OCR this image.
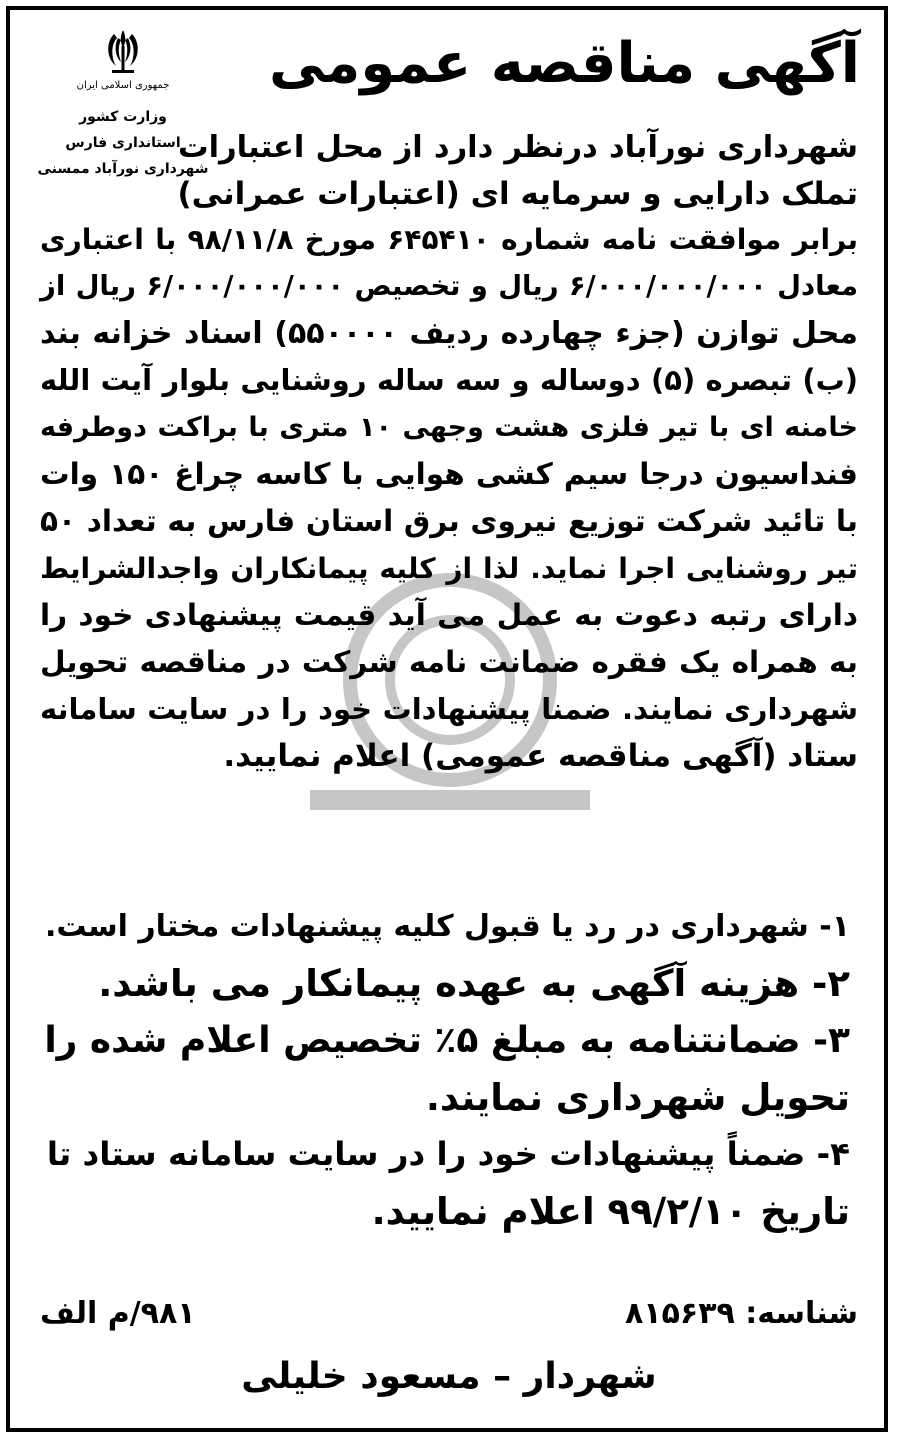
جمهوری اسلامی ایران
وزارت کشور
استانداری فارس
شهرداری نورآباد ممسنی
آگهی مناقصه عمومی
شهرداری نورآباد درنظر دارد از محل اعتبارات
تملک دارایی و سرمایه ای (اعتبارات عمرانی)
برابر موافقت نامه شماره ۶۴۵۴۱۰ مورخ ۹۸/۱۱/۸ با اعتباری
معادل ۶/۰۰۰/۰۰۰/۰۰۰ ریال و تخصیص ۶/۰۰۰/۰۰۰/۰۰۰ ریال از
محل توازن (جزء چهارده ردیف ۵۵۰۰۰۰) اسناد خزانه بند
(ب) تبصره (۵) دوساله و سه ساله روشنایی بلوار آیت الله
خامنه ای با تیر فلزی هشت وجهی ۱۰ متری با براکت دوطرفه
فنداسیون درجا سیم کشی هوایی با کاسه چراغ ۱۵۰ وات
با تائید شرکت توزیع نیروی برق استان فارس به تعداد ۵۰
تیر روشنایی اجرا نماید. لذا از کلیه پیمانکاران واجدالشرایط
دارای رتبه دعوت به عمل می آید قیمت پیشنهادی خود را
به همراه یک فقره ضمانت نامه شرکت در مناقصه تحویل
شهرداری نمایند. ضمنا پیشنهادات خود را در سایت سامانه
ستاد (آگهی مناقصه عمومی) اعلام نمایید.
۱- شهرداری در رد یا قبول کلیه پیشنهادات مختار است.
۲- هزینه آگهی به عهده پیمانکار می باشد.
۳- ضمانتنامه به مبلغ ۵٪ تخصیص اعلام شده را
تحویل شهرداری نمایند.
۴- ضمناً پیشنهادات خود را در سایت سامانه ستاد تا
تاریخ ۹۹/۲/۱۰ اعلام نمایید.
شناسه: ۸۱۵۶۳۹
۹۸۱/م الف
شهردار – مسعود خلیلی
